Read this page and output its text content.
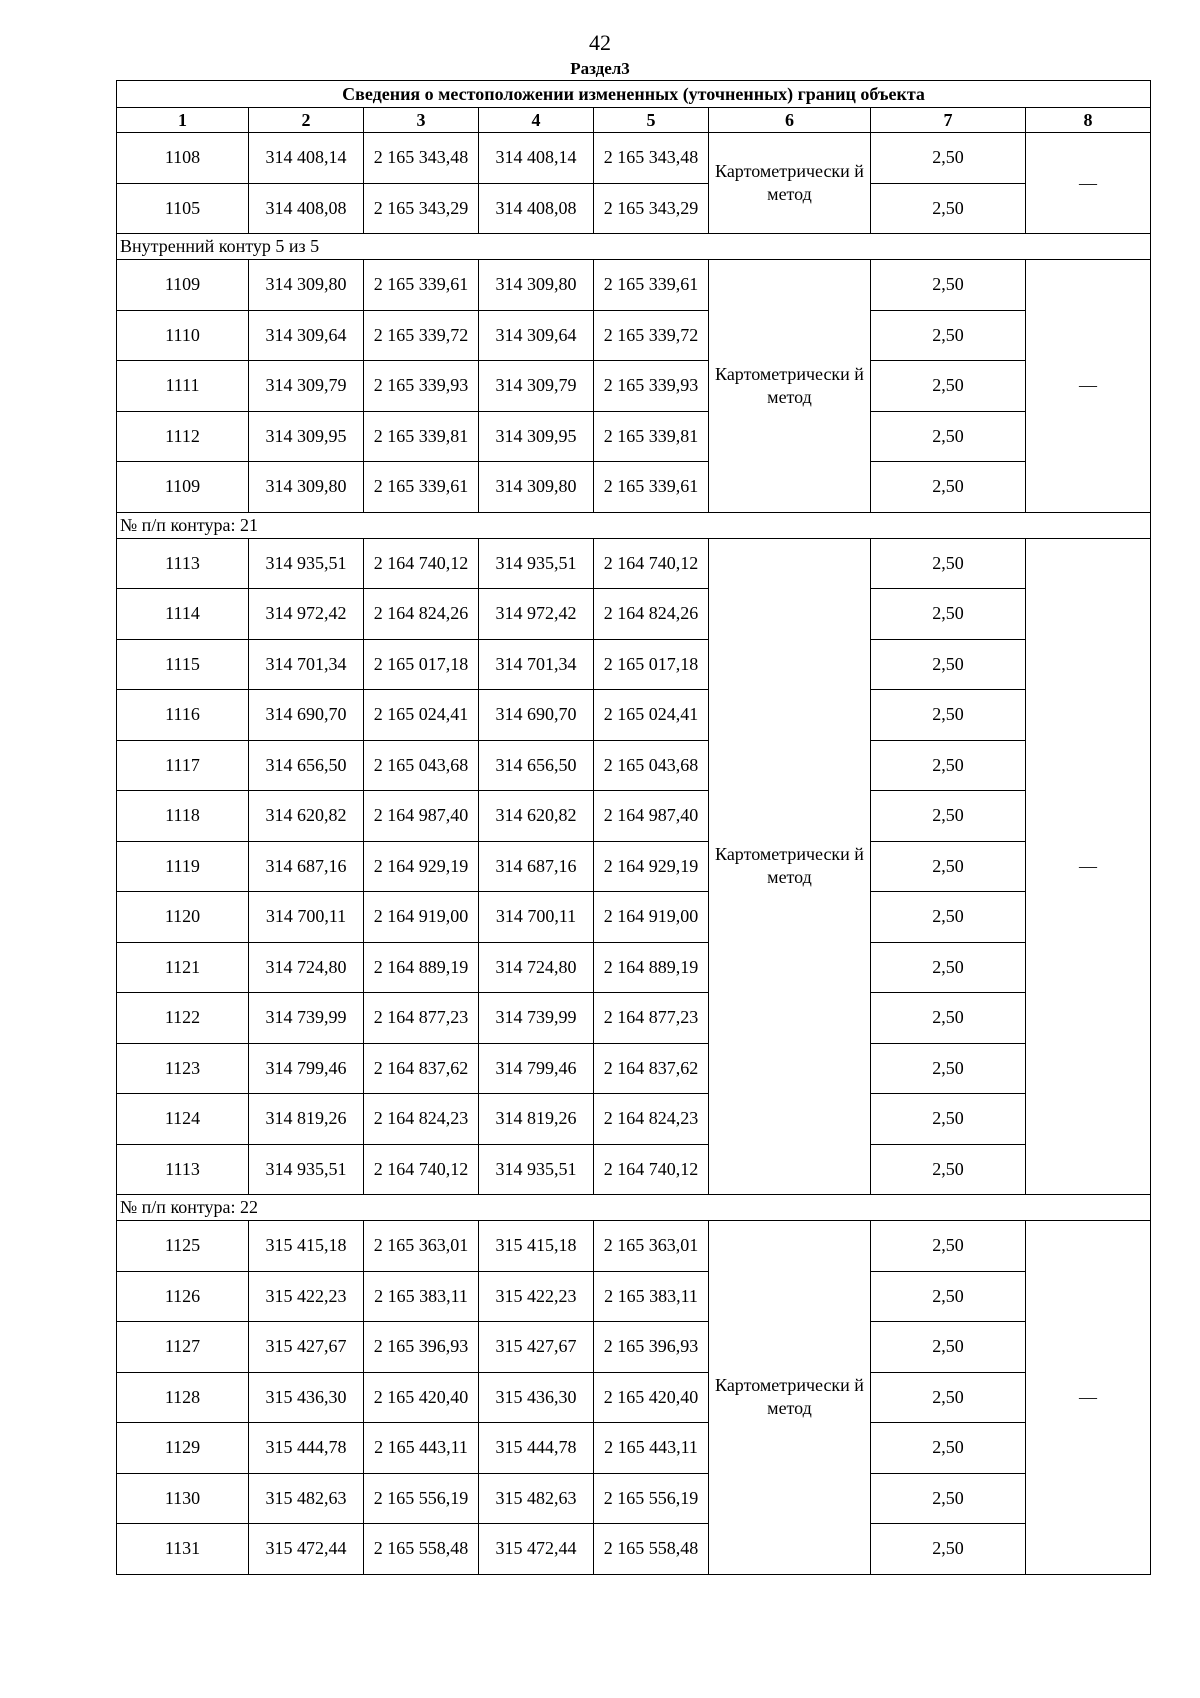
42
Раздел3
Сведения о местоположении измененных (уточненных) границ объекта							
1	2	3	4	5	6	7	8
1108	314 408,14	2 165 343,48	314 408,14	2 165 343,48	Картометрически й метод	2,50	—
1105	314 408,08	2 165 343,29	314 408,08	2 165 343,29		2,50	
Внутренний контур 5 из 5							
1109	314 309,80	2 165 339,61	314 309,80	2 165 339,61	Картометрически й метод	2,50	—
1110	314 309,64	2 165 339,72	314 309,64	2 165 339,72		2,50	
1111	314 309,79	2 165 339,93	314 309,79	2 165 339,93		2,50	
1112	314 309,95	2 165 339,81	314 309,95	2 165 339,81		2,50	
1109	314 309,80	2 165 339,61	314 309,80	2 165 339,61		2,50	
№ п/п контура: 21							
1113	314 935,51	2 164 740,12	314 935,51	2 164 740,12	Картометрически й метод	2,50	—
1114	314 972,42	2 164 824,26	314 972,42	2 164 824,26		2,50	
1115	314 701,34	2 165 017,18	314 701,34	2 165 017,18		2,50	
1116	314 690,70	2 165 024,41	314 690,70	2 165 024,41		2,50	
1117	314 656,50	2 165 043,68	314 656,50	2 165 043,68		2,50	
1118	314 620,82	2 164 987,40	314 620,82	2 164 987,40		2,50	
1119	314 687,16	2 164 929,19	314 687,16	2 164 929,19		2,50	
1120	314 700,11	2 164 919,00	314 700,11	2 164 919,00		2,50	
1121	314 724,80	2 164 889,19	314 724,80	2 164 889,19		2,50	
1122	314 739,99	2 164 877,23	314 739,99	2 164 877,23		2,50	
1123	314 799,46	2 164 837,62	314 799,46	2 164 837,62		2,50	
1124	314 819,26	2 164 824,23	314 819,26	2 164 824,23		2,50	
1113	314 935,51	2 164 740,12	314 935,51	2 164 740,12		2,50	
№ п/п контура: 22							
1125	315 415,18	2 165 363,01	315 415,18	2 165 363,01	Картометрически й метод	2,50	—
1126	315 422,23	2 165 383,11	315 422,23	2 165 383,11		2,50	
1127	315 427,67	2 165 396,93	315 427,67	2 165 396,93		2,50	
1128	315 436,30	2 165 420,40	315 436,30	2 165 420,40		2,50	
1129	315 444,78	2 165 443,11	315 444,78	2 165 443,11		2,50	
1130	315 482,63	2 165 556,19	315 482,63	2 165 556,19		2,50	
1131	315 472,44	2 165 558,48	315 472,44	2 165 558,48		2,50	
